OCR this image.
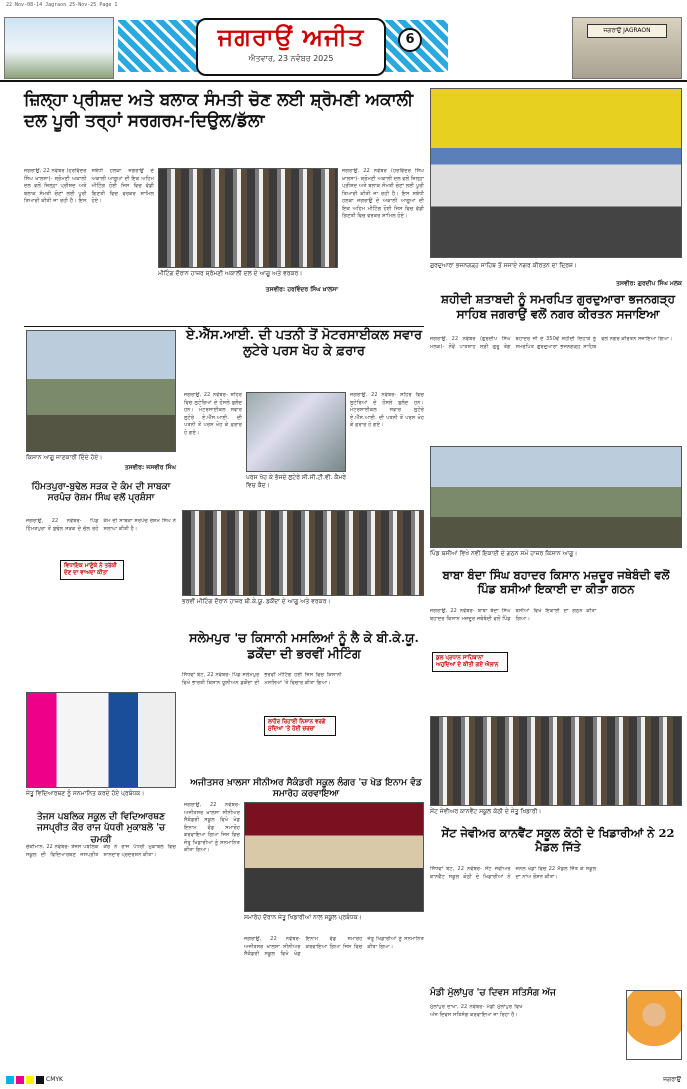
22 Nov-08-14 Jagraon 25-Nov-25 Page 1
ਜਗਰਾਉਂ ਅਜੀਤ
ਐਤਵਾਰ, 23 ਨਵੰਬਰ 2025
6
ਜਗਰਾਉਂ JAGRAON
ਜ਼ਿਲ੍ਹਾ ਪ੍ਰੀਸ਼ਦ ਅਤੇ ਬਲਾਕ ਸੰਮਤੀ ਚੋਣ ਲਈ ਸ਼੍ਰੋਮਣੀ ਅਕਾਲੀ ਦਲ ਪੂਰੀ ਤਰ੍ਹਾਂ ਸਰਗਰਮ-ਦਿਉਲ/ਡੱਲਾ
ਜਗਰਾਉਂ, 22 ਨਵੰਬਰ (ਹਰਵਿੰਦਰ ਸਿੰਘ ਖ਼ਾਲਸਾ)- ਸ਼੍ਰੋਮਣੀ ਅਕਾਲੀ ਦਲ ਵਲੋਂ ਜ਼ਿਲ੍ਹਾ ਪ੍ਰੀਸ਼ਦ ਅਤੇ ਬਲਾਕ ਸੰਮਤੀ ਚੋਣਾਂ ਲਈ ਪੂਰੀ ਤਿਆਰੀ ਕੀਤੀ ਜਾ ਰਹੀ ਹੈ। ਇਸ ਸਬੰਧੀ ਹਲਕਾ ਜਗਰਾਉਂ ਦੇ ਅਕਾਲੀ ਆਗੂਆਂ ਦੀ ਇਕ ਅਹਿਮ ਮੀਟਿੰਗ ਹੋਈ ਜਿਸ ਵਿਚ ਵੱਡੀ ਗਿਣਤੀ ਵਿਚ ਵਰਕਰ ਸ਼ਾਮਿਲ ਹੋਏ।
ਮੀਟਿੰਗ ਦੌਰਾਨ ਹਾਜ਼ਰ ਸ਼੍ਰੋਮਣੀ ਅਕਾਲੀ ਦਲ ਦੇ ਆਗੂ ਅਤੇ ਵਰਕਰ।
ਤਸਵੀਰ: ਹਰਵਿੰਦਰ ਸਿੰਘ ਖ਼ਾਲਸਾ
ਜਗਰਾਉਂ, 22 ਨਵੰਬਰ (ਹਰਵਿੰਦਰ ਸਿੰਘ ਖ਼ਾਲਸਾ)- ਸ਼੍ਰੋਮਣੀ ਅਕਾਲੀ ਦਲ ਵਲੋਂ ਜ਼ਿਲ੍ਹਾ ਪ੍ਰੀਸ਼ਦ ਅਤੇ ਬਲਾਕ ਸੰਮਤੀ ਚੋਣਾਂ ਲਈ ਪੂਰੀ ਤਿਆਰੀ ਕੀਤੀ ਜਾ ਰਹੀ ਹੈ। ਇਸ ਸਬੰਧੀ ਹਲਕਾ ਜਗਰਾਉਂ ਦੇ ਅਕਾਲੀ ਆਗੂਆਂ ਦੀ ਇਕ ਅਹਿਮ ਮੀਟਿੰਗ ਹੋਈ ਜਿਸ ਵਿਚ ਵੱਡੀ ਗਿਣਤੀ ਵਿਚ ਵਰਕਰ ਸ਼ਾਮਿਲ ਹੋਏ।
ਗੁਰਦੁਆਰਾ ਭਜਨਗੜ੍ਹ ਸਾਹਿਬ ਤੋਂ ਸਜਾਏ ਨਗਰ ਕੀਰਤਨ ਦਾ ਦ੍ਰਿਸ਼।
ਤਸਵੀਰ: ਗੁਰਦੀਪ ਸਿੰਘ ਮਲਕ
ਸ਼ਹੀਦੀ ਸ਼ਤਾਬਦੀ ਨੂੰ ਸਮਰਪਿਤ ਗੁਰਦੁਆਰਾ ਭਜਨਗੜ੍ਹ ਸਾਹਿਬ ਜਗਰਾਉਂ ਵਲੋਂ ਨਗਰ ਕੀਰਤਨ ਸਜਾਇਆ
ਜਗਰਾਉਂ, 22 ਨਵੰਬਰ (ਗੁਰਦੀਪ ਸਿੰਘ ਮਲਕ)- ਨੌਵੇਂ ਪਾਤਸ਼ਾਹ ਸ੍ਰੀ ਗੁਰੂ ਤੇਗ ਬਹਾਦਰ ਜੀ ਦੇ 350ਵੇਂ ਸ਼ਹੀਦੀ ਦਿਹਾੜੇ ਨੂੰ ਸਮਰਪਿਤ ਗੁਰਦੁਆਰਾ ਭਜਨਗੜ੍ਹ ਸਾਹਿਬ ਵਲੋਂ ਨਗਰ ਕੀਰਤਨ ਸਜਾਇਆ ਗਿਆ।
ਕਿਸਾਨ ਆਗੂ ਜਾਣਕਾਰੀ ਦਿੰਦੇ ਹੋਏ।
ਤਸਵੀਰ: ਜਸਵੀਰ ਸਿੰਘ
ਏ.ਐੱਸ.ਆਈ. ਦੀ ਪਤਨੀ ਤੋਂ ਮੋਟਰਸਾਈਕਲ ਸਵਾਰ ਲੁਟੇਰੇ ਪਰਸ ਖੋਹ ਕੇ ਫ਼ਰਾਰ
ਜਗਰਾਉਂ, 22 ਨਵੰਬਰ- ਸ਼ਹਿਰ ਵਿਚ ਲੁਟੇਰਿਆਂ ਦੇ ਹੌਸਲੇ ਬੁਲੰਦ ਹਨ। ਮੋਟਰਸਾਈਕਲ ਸਵਾਰ ਲੁਟੇਰੇ ਏ.ਐੱਸ.ਆਈ. ਦੀ ਪਤਨੀ ਤੋਂ ਪਰਸ ਖੋਹ ਕੇ ਫ਼ਰਾਰ ਹੋ ਗਏ।
ਪਰਸ ਖੋਹ ਕੇ ਭੱਜਦੇ ਲੁਟੇਰੇ ਸੀ.ਸੀ.ਟੀ.ਵੀ. ਕੈਮਰੇ ਵਿਚ ਕੈਦ।
ਜਗਰਾਉਂ, 22 ਨਵੰਬਰ- ਸ਼ਹਿਰ ਵਿਚ ਲੁਟੇਰਿਆਂ ਦੇ ਹੌਸਲੇ ਬੁਲੰਦ ਹਨ। ਮੋਟਰਸਾਈਕਲ ਸਵਾਰ ਲੁਟੇਰੇ ਏ.ਐੱਸ.ਆਈ. ਦੀ ਪਤਨੀ ਤੋਂ ਪਰਸ ਖੋਹ ਕੇ ਫ਼ਰਾਰ ਹੋ ਗਏ।
ਹਿੰਮਤਪੁਰਾ-ਬੁਢੇਲ ਸੜਕ ਦੇ ਕੰਮ ਦੀ ਸਾਬਕਾ ਸਰਪੰਚ ਰੇਸ਼ਮ ਸਿੰਘ ਵਲੋਂ ਪ੍ਰਸ਼ੰਸਾ
ਜਗਰਾਉਂ, 22 ਨਵੰਬਰ- ਪਿੰਡ ਹਿੰਮਤਪੁਰਾ ਤੋਂ ਬੁਢੇਲ ਸੜਕ ਦੇ ਚੱਲ ਰਹੇ ਕੰਮ ਦੀ ਸਾਬਕਾ ਸਰਪੰਚ ਰੇਸ਼ਮ ਸਿੰਘ ਨੇ ਸ਼ਲਾਘਾ ਕੀਤੀ ਹੈ।
ਵਿਧਾਇਕ ਮਾਣੂੰਕੇ ਨੇ ਤਰੱਕੀ ਦੇਣ ਦਾ ਵਾਅਦਾ ਕੀਤਾ
ਭਰਵੀਂ ਮੀਟਿੰਗ ਦੌਰਾਨ ਹਾਜ਼ਰ ਬੀ.ਕੇ.ਯੂ. ਡਕੌਂਦਾ ਦੇ ਆਗੂ ਅਤੇ ਵਰਕਰ।
ਸਲੇਮਪੁਰ 'ਚ ਕਿਸਾਨੀ ਮਸਲਿਆਂ ਨੂੰ ਲੈ ਕੇ ਬੀ.ਕੇ.ਯੂ. ਡਕੌਂਦਾ ਦੀ ਭਰਵੀਂ ਮੀਟਿੰਗ
ਸਿੱਧਵਾਂ ਬੇਟ, 22 ਨਵੰਬਰ- ਪਿੰਡ ਸਲੇਮਪੁਰ ਵਿਖੇ ਭਾਰਤੀ ਕਿਸਾਨ ਯੂਨੀਅਨ ਡਕੌਂਦਾ ਦੀ ਭਰਵੀਂ ਮੀਟਿੰਗ ਹੋਈ ਜਿਸ ਵਿਚ ਕਿਸਾਨੀ ਮਸਲਿਆਂ 'ਤੇ ਵਿਚਾਰ ਕੀਤਾ ਗਿਆ।
ਲਾਹੌਰ ਰਿਹਾਈ ਨਿਸ਼ਾਨ ਵਰਗੇ ਮੁੱਦਿਆਂ 'ਤੇ ਹੋਈ ਚਰਚਾ
ਪਿੰਡ ਬਸੀਆਂ ਵਿਖੇ ਨਵੀਂ ਇਕਾਈ ਦੇ ਗਠਨ ਸਮੇਂ ਹਾਜ਼ਰ ਕਿਸਾਨ ਆਗੂ।
ਬਾਬਾ ਬੰਦਾ ਸਿੰਘ ਬਹਾਦਰ ਕਿਸਾਨ ਮਜ਼ਦੂਰ ਜਥੇਬੰਦੀ ਵਲੋਂ ਪਿੰਡ ਬਸੀਆਂ ਇਕਾਈ ਦਾ ਕੀਤਾ ਗਠਨ
ਜਗਰਾਉਂ, 22 ਨਵੰਬਰ- ਬਾਬਾ ਬੰਦਾ ਸਿੰਘ ਬਹਾਦਰ ਕਿਸਾਨ ਮਜ਼ਦੂਰ ਜਥੇਬੰਦੀ ਵਲੋਂ ਪਿੰਡ ਬਸੀਆਂ ਵਿਖੇ ਇਕਾਈ ਦਾ ਗਠਨ ਕੀਤਾ ਗਿਆ।
ਕੁਲ ਪ੍ਰਧਾਨ ਸਾਹਿਬਾਨਾਂ ਅਹੁਦਿਆਂ ਦੇ ਕੀਤੀ ਗਏ ਐਲਾਨ
ਜੇਤੂ ਵਿਦਿਆਰਥਣ ਨੂੰ ਸਨਮਾਨਿਤ ਕਰਦੇ ਹੋਏ ਪ੍ਰਬੰਧਕ।
ਤੇਜਸ ਪਬਲਿਕ ਸਕੂਲ ਦੀ ਵਿਦਿਆਰਥਣ ਜਸਪ੍ਰੀਤ ਕੌਰ ਰਾਜ ਪੱਧਰੀ ਮੁਕਾਬਲੇ 'ਚ ਚਮਕੀ
ਚੌਕੀਮਾਨ, 22 ਨਵੰਬਰ- ਤੇਜਸ ਪਬਲਿਕ ਸਕੂਲ ਦੀ ਵਿਦਿਆਰਥਣ ਜਸਪ੍ਰੀਤ ਕੌਰ ਨੇ ਰਾਜ ਪੱਧਰੀ ਮੁਕਾਬਲੇ ਵਿਚ ਸ਼ਾਨਦਾਰ ਪ੍ਰਦਰਸ਼ਨ ਕੀਤਾ।
ਅਜੀਤਸਰ ਖ਼ਾਲਸਾ ਸੀਨੀਅਰ ਸੈਕੰਡਰੀ ਸਕੂਲ ਲੰਗਰ 'ਚ ਖੇਡ ਇਨਾਮ ਵੰਡ ਸਮਾਰੋਹ ਕਰਵਾਇਆ
ਜਗਰਾਉਂ, 22 ਨਵੰਬਰ- ਅਜੀਤਸਰ ਖ਼ਾਲਸਾ ਸੀਨੀਅਰ ਸੈਕੰਡਰੀ ਸਕੂਲ ਵਿਖੇ ਖੇਡ ਇਨਾਮ ਵੰਡ ਸਮਾਰੋਹ ਕਰਵਾਇਆ ਗਿਆ ਜਿਸ ਵਿਚ ਜੇਤੂ ਖਿਡਾਰੀਆਂ ਨੂੰ ਸਨਮਾਨਿਤ ਕੀਤਾ ਗਿਆ।
ਸਮਾਰੋਹ ਦੌਰਾਨ ਜੇਤੂ ਖਿਡਾਰੀਆਂ ਨਾਲ ਸਕੂਲ ਪ੍ਰਬੰਧਕ।
ਜਗਰਾਉਂ, 22 ਨਵੰਬਰ- ਅਜੀਤਸਰ ਖ਼ਾਲਸਾ ਸੀਨੀਅਰ ਸੈਕੰਡਰੀ ਸਕੂਲ ਵਿਖੇ ਖੇਡ ਇਨਾਮ ਵੰਡ ਸਮਾਰੋਹ ਕਰਵਾਇਆ ਗਿਆ ਜਿਸ ਵਿਚ ਜੇਤੂ ਖਿਡਾਰੀਆਂ ਨੂੰ ਸਨਮਾਨਿਤ ਕੀਤਾ ਗਿਆ।
ਸੇਂਟ ਜੇਵੀਅਰ ਕਾਨਵੈਂਟ ਸਕੂਲ ਕੋਠੀ ਦੇ ਜੇਤੂ ਖਿਡਾਰੀ।
ਸੇਂਟ ਜੇਵੀਅਰ ਕਾਨਵੈਂਟ ਸਕੂਲ ਕੋਠੀ ਦੇ ਖਿਡਾਰੀਆਂ ਨੇ 22 ਮੈਡਲ ਜਿੱਤੇ
ਸਿੱਧਵਾਂ ਬੇਟ, 22 ਨਵੰਬਰ- ਸੇਂਟ ਜੇਵੀਅਰ ਕਾਨਵੈਂਟ ਸਕੂਲ ਕੋਠੀ ਦੇ ਖਿਡਾਰੀਆਂ ਨੇ ਜ਼ੋਨਲ ਖੇਡਾਂ ਵਿਚ 22 ਮੈਡਲ ਜਿੱਤ ਕੇ ਸਕੂਲ ਦਾ ਨਾਂਅ ਰੌਸ਼ਨ ਕੀਤਾ।
ਮੰਡੀ ਮੁੱਲਾਂਪੁਰ 'ਚ ਦਿਵਸ ਸਤਿਸੰਗ ਅੱਜ
ਮੁੱਲਾਂਪੁਰ ਦਾਖਾ, 22 ਨਵੰਬਰ- ਮੰਡੀ ਮੁੱਲਾਂਪੁਰ ਵਿਖੇ ਅੱਜ ਦਿਵਸ ਸਤਿਸੰਗ ਕਰਵਾਇਆ ਜਾ ਰਿਹਾ ਹੈ।
CMYK	ਜਗਰਾਉਂ
